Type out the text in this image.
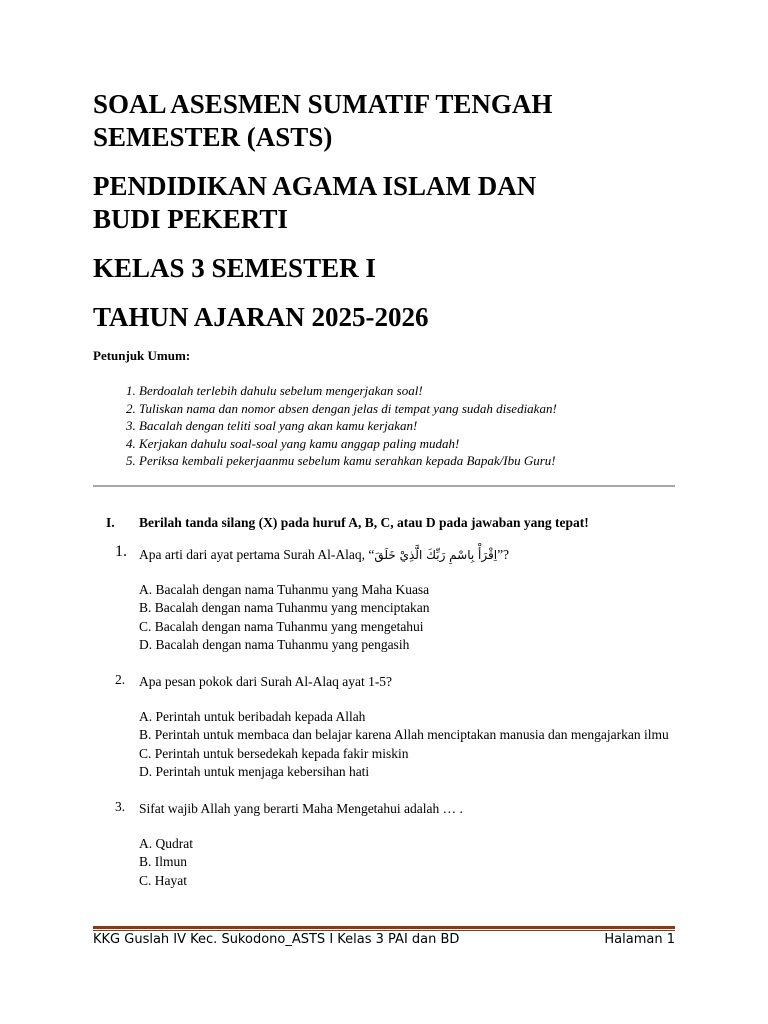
SOAL ASESMEN SUMATIF TENGAH
SEMESTER (ASTS)
PENDIDIKAN AGAMA ISLAM DAN
BUDI PEKERTI
KELAS 3 SEMESTER I
TAHUN AJARAN 2025-2026

Petunjuk Umum:

1. Berdoalah terlebih dahulu sebelum mengerjakan soal!
2. Tuliskan nama dan nomor absen dengan jelas di tempat yang sudah disediakan!
3. Bacalah dengan teliti soal yang akan kamu kerjakan!
4. Kerjakan dahulu soal-soal yang kamu anggap paling mudah!
5. Periksa kembali pekerjaanmu sebelum kamu serahkan kepada Bapak/Ibu Guru!
I.	Berilah tanda silang (X) pada huruf A, B, C, atau D pada jawaban yang tepat!
1. Apa arti dari ayat pertama Surah Al-Alaq, “اِقْرَأْ بِاسْمِ رَبِّكَ الَّذِيْ خَلَقَ”?

A. Bacalah dengan nama Tuhanmu yang Maha Kuasa
B. Bacalah dengan nama Tuhanmu yang menciptakan
C. Bacalah dengan nama Tuhanmu yang mengetahui
D. Bacalah dengan nama Tuhanmu yang pengasih
2.	Apa pesan pokok dari Surah Al-Alaq ayat 1-5?

A. Perintah untuk beribadah kepada Allah
B. Perintah untuk membaca dan belajar karena Allah menciptakan manusia dan mengajarkan ilmu
C. Perintah untuk bersedekah kepada fakir miskin
D. Perintah untuk menjaga kebersihan hati
3.	Sifat wajib Allah yang berarti Maha Mengetahui adalah … .

A. Qudrat
B. Ilmun
C. Hayat
KKG Guslah IV Kec. Sukodono_ASTS I Kelas 3 PAI dan BD	Halaman 1
